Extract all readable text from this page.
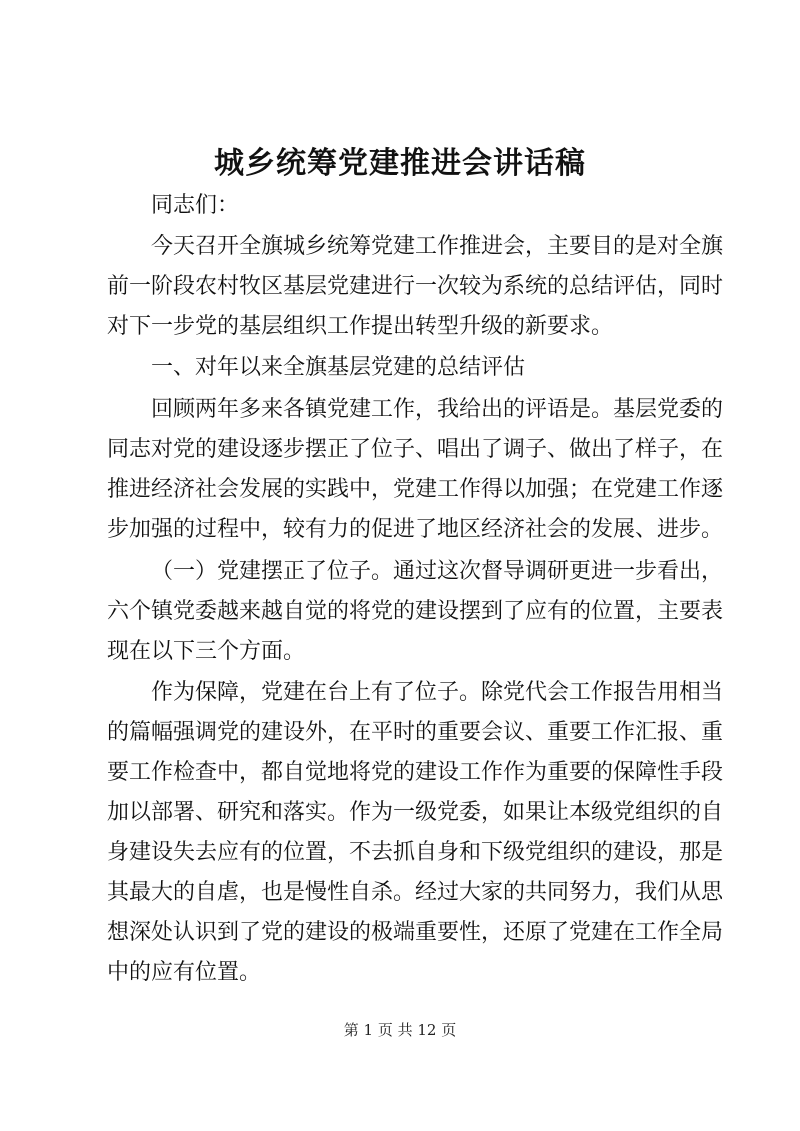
城乡统筹党建推进会讲话稿
同志们：
今天召开全旗城乡统筹党建工作推进会，主要目的是对全旗
前一阶段农村牧区基层党建进行一次较为系统的总结评估，同时
对下一步党的基层组织工作提出转型升级的新要求。
一、对年以来全旗基层党建的总结评估
回顾两年多来各镇党建工作，我给出的评语是。基层党委的
同志对党的建设逐步摆正了位子、唱出了调子、做出了样子，在
推进经济社会发展的实践中，党建工作得以加强；在党建工作逐
步加强的过程中，较有力的促进了地区经济社会的发展、进步。
（一）党建摆正了位子。通过这次督导调研更进一步看出，
六个镇党委越来越自觉的将党的建设摆到了应有的位置，主要表
现在以下三个方面。
作为保障，党建在台上有了位子。除党代会工作报告用相当
的篇幅强调党的建设外，在平时的重要会议、重要工作汇报、重
要工作检查中，都自觉地将党的建设工作作为重要的保障性手段
加以部署、研究和落实。作为一级党委，如果让本级党组织的自
身建设失去应有的位置，不去抓自身和下级党组织的建设，那是
其最大的自虐，也是慢性自杀。经过大家的共同努力，我们从思
想深处认识到了党的建设的极端重要性，还原了党建在工作全局
中的应有位置。
第 1 页 共 12 页
